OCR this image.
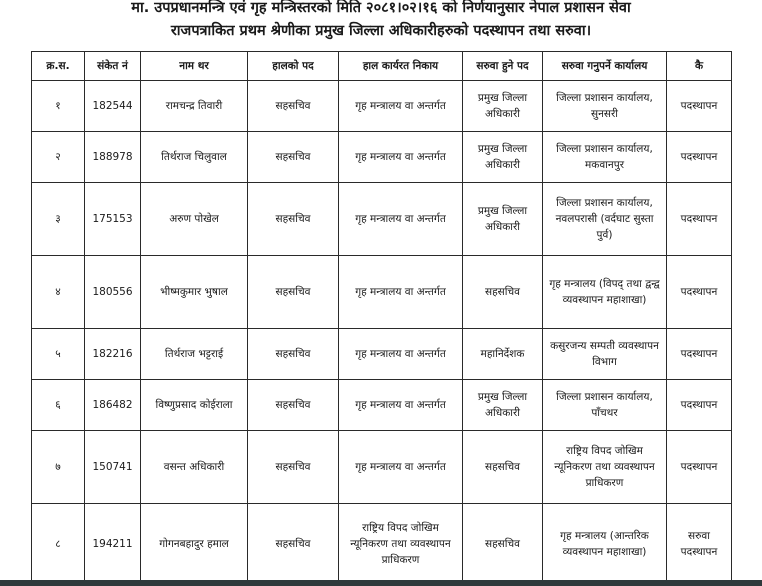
मा. उपप्रधानमन्त्रि एवं गृह मन्त्रिस्तरको मिति २०८१।०२।१६ को निर्णयानुसार नेपाल प्रशासन सेवा
राजपत्राकित प्रथम श्रेणीका प्रमुख जिल्ला अधिकारीहरुको पदस्थापन तथा सरुवा।
क्र.स.	संकेत नं	नाम थर	हालको पद	हाल कार्यरत निकाय	सरुवा हुने पद	सरुवा गनुपर्ने कार्यालय	कै
१	182544	रामचन्द्र तिवारी	सहसचिव	गृह मन्त्रालय वा अन्तर्गत	प्रमुख जिल्ला अधिकारी	जिल्ला प्रशासन कार्यालय, सुनसरी	पदस्थापन
२	188978	तिर्थराज चिलुवाल	सहसचिव	गृह मन्त्रालय वा अन्तर्गत	प्रमुख जिल्ला अधिकारी	जिल्ला प्रशासन कार्यालय, मकवानपुर	पदस्थापन
३	175153	अरुण पोखेल	सहसचिव	गृह मन्त्रालय वा अन्तर्गत	प्रमुख जिल्ला अधिकारी	जिल्ला प्रशासन कार्यालय, नवलपरासी (वर्दघाट सुस्ता पुर्व)	पदस्थापन
४	180556	भीष्मकुमार भुषाल	सहसचिव	गृह मन्त्रालय वा अन्तर्गत	सहसचिव	गृह मन्त्रालय (विपद् तथा द्वन्द्व व्यवस्थापन महाशाखा)	पदस्थापन
५	182216	तिर्थराज भट्टराई	सहसचिव	गृह मन्त्रालय वा अन्तर्गत	महानिर्देशक	कसुरजन्य सम्पती व्यवस्थापन विभाग	पदस्थापन
६	186482	विष्णुप्रसाद कोईराला	सहसचिव	गृह मन्त्रालय वा अन्तर्गत	प्रमुख जिल्ला अधिकारी	जिल्ला प्रशासन कार्यालय, पाँचथर	पदस्थापन
७	150741	वसन्त अधिकारी	सहसचिव	गृह मन्त्रालय वा अन्तर्गत	सहसचिव	राष्ट्रिय विपद जोखिम न्यूनिकरण तथा व्यवस्थापन प्राधिकरण	पदस्थापन
८	194211	गोगनबहादुर हमाल	सहसचिव	राष्ट्रिय विपद जोखिम न्यूनिकरण तथा व्यवस्थापन प्राधिकरण	सहसचिव	गृह मन्त्रालय (आन्तरिक व्यवस्थापन महाशाखा)	सरुवा पदस्थापन
